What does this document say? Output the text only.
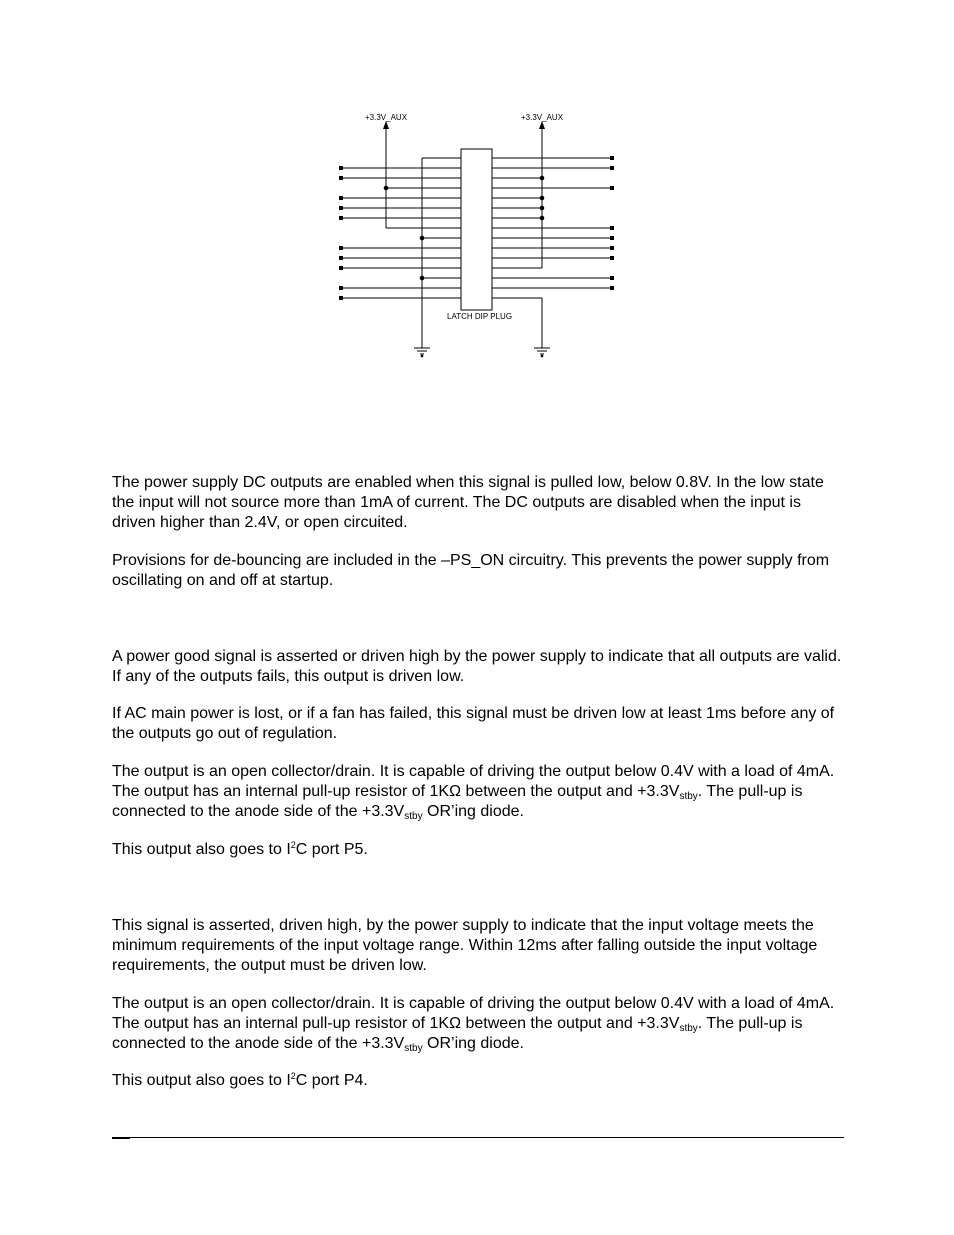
+3.3V_AUX	+3.3V_AUX
LATCH DIP PLUG

The power supply DC outputs are enabled when this signal is pulled low, below 0.8V. In the low state the input will not source more than 1mA of current. The DC outputs are disabled when the input is driven higher than 2.4V, or open circuited.

Provisions for de-bouncing are included in the –PS_ON circuitry. This prevents the power supply from oscillating on and off at startup.

A power good signal is asserted or driven high by the power supply to indicate that all outputs are valid. If any of the outputs fails, this output is driven low.

If AC main power is lost, or if a fan has failed, this signal must be driven low at least 1ms before any of the outputs go out of regulation.

The output is an open collector/drain. It is capable of driving the output below 0.4V with a load of 4mA. The output has an internal pull-up resistor of 1KΩ between the output and $+3.3V_{stby}$. The pull-up is connected to the anode side of the $+3.3V_{stby}$ OR’ing diode.

This output also goes to $I^2C$ port P5.

This signal is asserted, driven high, by the power supply to indicate that the input voltage meets the minimum requirements of the input voltage range. Within 12ms after falling outside the input voltage requirements, the output must be driven low.

The output is an open collector/drain. It is capable of driving the output below 0.4V with a load of 4mA. The output has an internal pull-up resistor of 1KΩ between the output and $+3.3V_{stby}$. The pull-up is connected to the anode side of the $+3.3V_{stby}$ OR’ing diode.

This output also goes to $I^2C$ port P4.
